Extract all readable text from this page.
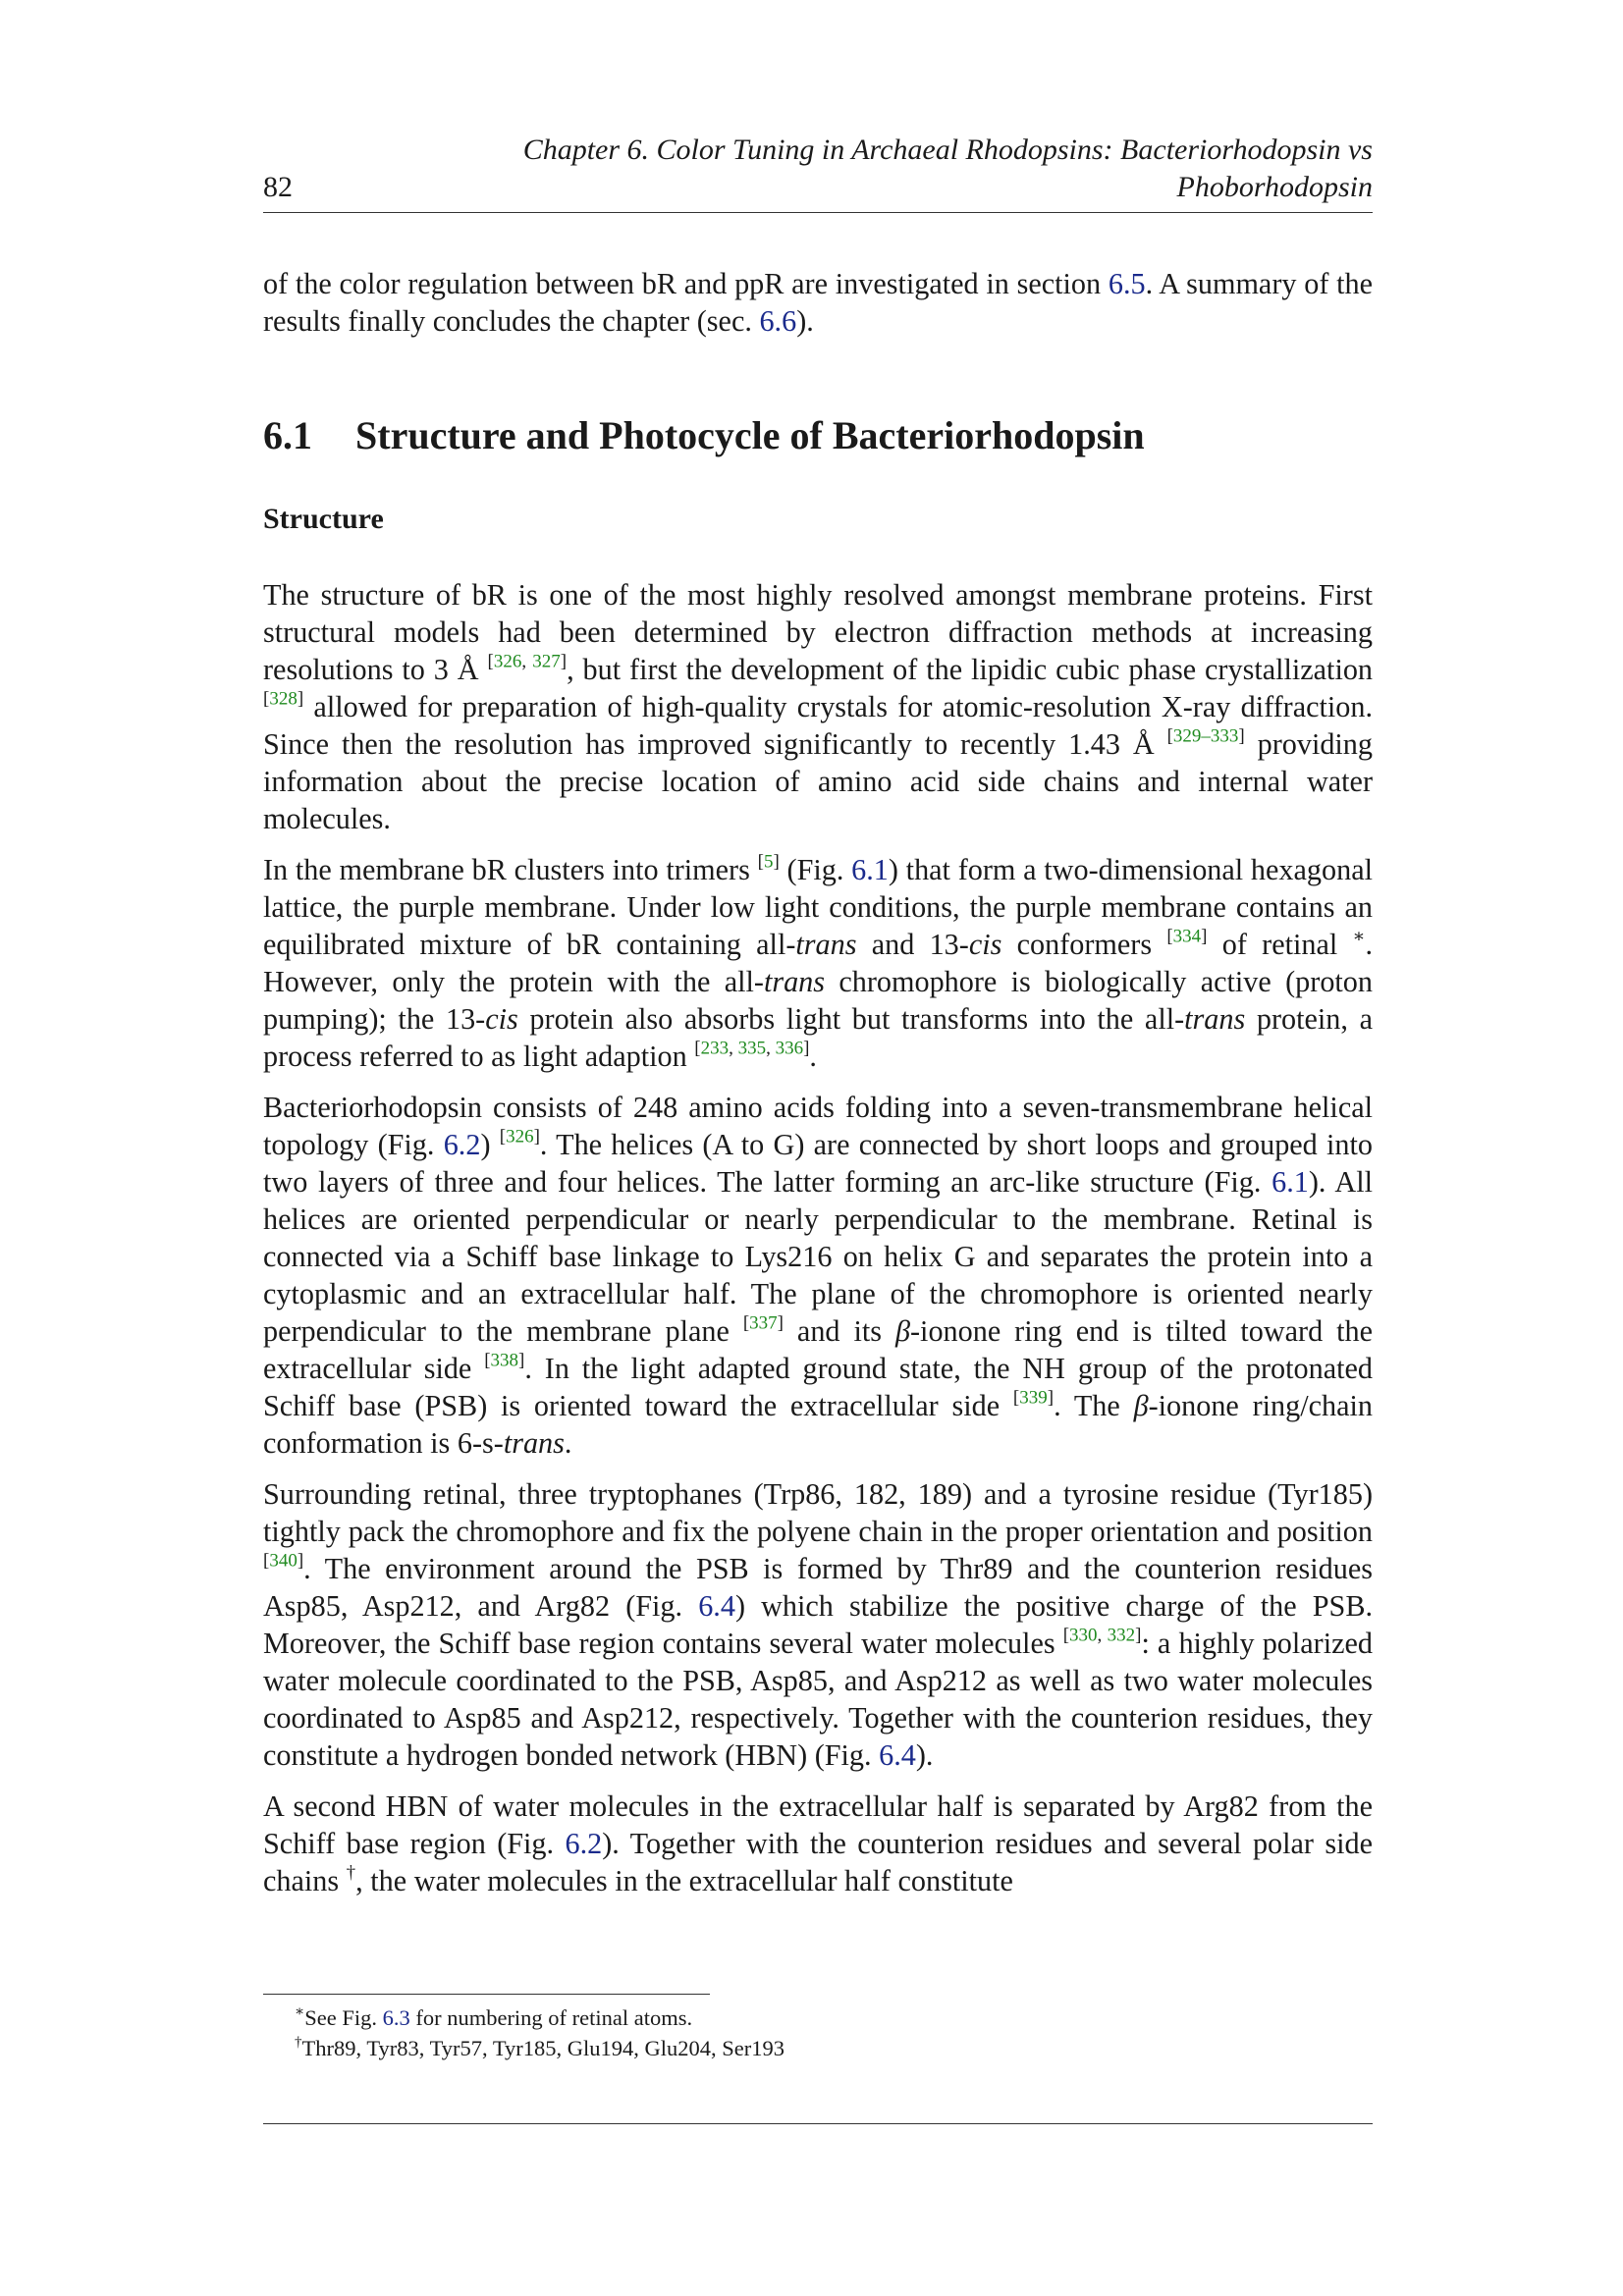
82
Chapter 6. Color Tuning in Archaeal Rhodopsins: Bacteriorhodopsin vs
Phoborhodopsin

of the color regulation between bR and ppR are investigated in section 6.5. A summary of the results finally concludes the chapter (sec. 6.6).

6.1 Structure and Photocycle of Bacteriorhodopsin
Structure

The structure of bR is one of the most highly resolved amongst membrane proteins. First structural models had been determined by electron diffraction methods at increasing resolutions to 3 Å [326, 327], but first the development of the lipidic cubic phase crystallization [328] allowed for preparation of high-quality crystals for atomic-resolution X-ray diffraction. Since then the resolution has improved significantly to recently 1.43 Å [329–333] providing information about the precise location of amino acid side chains and internal water molecules.

In the membrane bR clusters into trimers [5] (Fig. 6.1) that form a two-dimensional hexagonal lattice, the purple membrane. Under low light conditions, the purple membrane contains an equilibrated mixture of bR containing all-trans and 13-cis conformers [334] of retinal ∗. However, only the protein with the all-trans chromophore is biologically active (proton pumping); the 13-cis protein also absorbs light but transforms into the all-trans protein, a process referred to as light adaption [233, 335, 336].

Bacteriorhodopsin consists of 248 amino acids folding into a seven-transmembrane helical topology (Fig. 6.2) [326]. The helices (A to G) are connected by short loops and grouped into two layers of three and four helices. The latter forming an arc-like structure (Fig. 6.1). All helices are oriented perpendicular or nearly perpendicular to the membrane. Retinal is connected via a Schiff base linkage to Lys216 on helix G and separates the protein into a cytoplasmic and an extracellular half. The plane of the chromophore is oriented nearly perpendicular to the membrane plane [337] and its β-ionone ring end is tilted toward the extracellular side [338]. In the light adapted ground state, the NH group of the protonated Schiff base (PSB) is oriented toward the extracellular side [339]. The β-ionone ring/chain conformation is 6-s-trans.

Surrounding retinal, three tryptophanes (Trp86, 182, 189) and a tyrosine residue (Tyr185) tightly pack the chromophore and fix the polyene chain in the proper orientation and position [340]. The environment around the PSB is formed by Thr89 and the counterion residues Asp85, Asp212, and Arg82 (Fig. 6.4) which stabilize the positive charge of the PSB. Moreover, the Schiff base region contains several water molecules [330, 332]: a highly polarized water molecule coordinated to the PSB, Asp85, and Asp212 as well as two water molecules coordinated to Asp85 and Asp212, respectively. Together with the counterion residues, they constitute a hydrogen bonded network (HBN) (Fig. 6.4).

A second HBN of water molecules in the extracellular half is separated by Arg82 from the Schiff base region (Fig. 6.2). Together with the counterion residues and several polar side chains †, the water molecules in the extracellular half constitute

∗See Fig. 6.3 for numbering of retinal atoms.
†Thr89, Tyr83, Tyr57, Tyr185, Glu194, Glu204, Ser193
